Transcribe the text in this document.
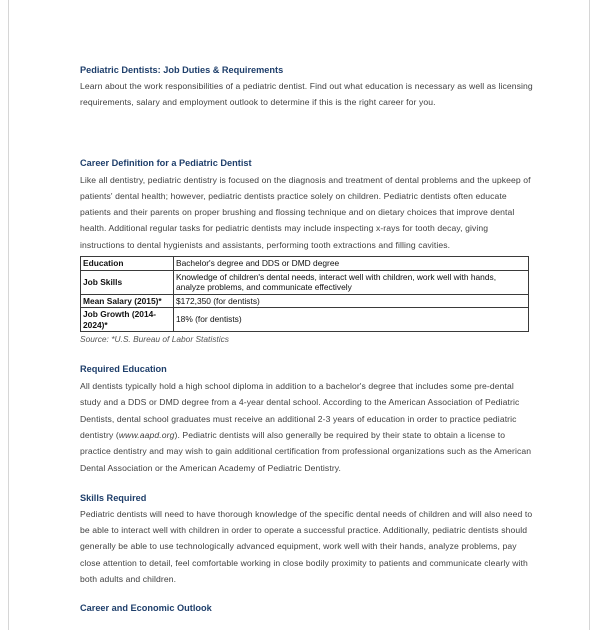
Pediatric Dentists: Job Duties & Requirements

Learn about the work responsibilities of a pediatric dentist. Find out what education is necessary as well as licensing requirements, salary and employment outlook to determine if this is the right career for you.

Career Definition for a Pediatric Dentist

Like all dentistry, pediatric dentistry is focused on the diagnosis and treatment of dental problems and the upkeep of patients' dental health; however, pediatric dentists practice solely on children. Pediatric dentists often educate patients and their parents on proper brushing and flossing technique and on dietary choices that improve dental health. Additional regular tasks for pediatric dentists may include inspecting x-rays for tooth decay, giving instructions to dental hygienists and assistants, performing tooth extractions and filling cavities.

Education	Bachelor's degree and DDS or DMD degree
Job Skills	Knowledge of children's dental needs, interact well with children, work well with hands, analyze problems, and communicate effectively
Mean Salary (2015)*	$172,350 (for dentists)
Job Growth (2014-2024)*	18% (for dentists)
Source: *U.S. Bureau of Labor Statistics
Required Education

All dentists typically hold a high school diploma in addition to a bachelor's degree that includes some pre-dental study and a DDS or DMD degree from a 4-year dental school. According to the American Association of Pediatric Dentists, dental school graduates must receive an additional 2-3 years of education in order to practice pediatric dentistry (www.aapd.org). Pediatric dentists will also generally be required by their state to obtain a license to practice dentistry and may wish to gain additional certification from professional organizations such as the American Dental Association or the American Academy of Pediatric Dentistry.

Skills Required

Pediatric dentists will need to have thorough knowledge of the specific dental needs of children and will also need to be able to interact well with children in order to operate a successful practice. Additionally, pediatric dentists should generally be able to use technologically advanced equipment, work well with their hands, analyze problems, pay close attention to detail, feel comfortable working in close bodily proximity to patients and communicate clearly with both adults and children.

Career and Economic Outlook
